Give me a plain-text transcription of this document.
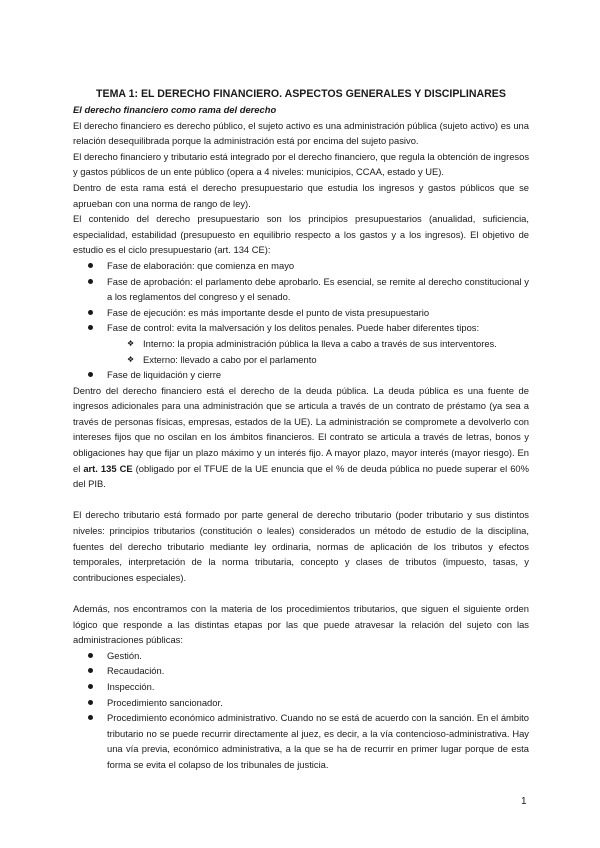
TEMA 1: EL DERECHO FINANCIERO. ASPECTOS GENERALES Y DISCIPLINARES

El derecho financiero como rama del derecho

El derecho financiero es derecho público, el sujeto activo es una administración pública (sujeto activo) es una relación desequilibrada porque la administración está por encima del sujeto pasivo.

El derecho financiero y tributario está integrado por el derecho financiero, que regula la obtención de ingresos y gastos públicos de un ente público (opera a 4 niveles: municipios, CCAA, estado y UE).

Dentro de esta rama está el derecho presupuestario que estudia los ingresos y gastos públicos que se aprueban con una norma de rango de ley).

El contenido del derecho presupuestario son los principios presupuestarios (anualidad, suficiencia, especialidad, estabilidad (presupuesto en equilibrio respecto a los gastos y a los ingresos). El objetivo de estudio es el ciclo presupuestario (art. 134 CE):

Fase de elaboración: que comienza en mayo
Fase de aprobación: el parlamento debe aprobarlo. Es esencial, se remite al derecho constitucional y a los reglamentos del congreso y el senado.
Fase de ejecución: es más importante desde el punto de vista presupuestario
Fase de control: evita la malversación y los delitos penales. Puede haber diferentes tipos:
❖ Interno: la propia administración pública la lleva a cabo a través de sus interventores.
❖ Externo: llevado a cabo por el parlamento
Fase de liquidación y cierre

Dentro del derecho financiero está el derecho de la deuda pública. La deuda pública es una fuente de ingresos adicionales para una administración que se articula a través de un contrato de préstamo (ya sea a través de personas físicas, empresas, estados de la UE). La administración se compromete a devolverlo con intereses fijos que no oscilan en los ámbitos financieros. El contrato se articula a través de letras, bonos y obligaciones hay que fijar un plazo máximo y un interés fijo. A mayor plazo, mayor interés (mayor riesgo). En el art. 135 CE (obligado por el TFUE de la UE enuncia que el % de deuda pública no puede superar el 60% del PIB.

El derecho tributario está formado por parte general de derecho tributario (poder tributario y sus distintos niveles: principios tributarios (constitución o leales) considerados un método de estudio de la disciplina, fuentes del derecho tributario mediante ley ordinaria, normas de aplicación de los tributos y efectos temporales, interpretación de la norma tributaria, concepto y clases de tributos (impuesto, tasas, y contribuciones especiales).

Además, nos encontramos con la materia de los procedimientos tributarios, que siguen el siguiente orden lógico que responde a las distintas etapas por las que puede atravesar la relación del sujeto con las administraciones públicas:

Gestión.
Recaudación.
Inspección.
Procedimiento sancionador.
Procedimiento económico administrativo. Cuando no se está de acuerdo con la sanción. En el ámbito tributario no se puede recurrir directamente al juez, es decir, a la vía contencioso-administrativa. Hay una vía previa, económico administrativa, a la que se ha de recurrir en primer lugar porque de esta forma se evita el colapso de los tribunales de justicia.
1
